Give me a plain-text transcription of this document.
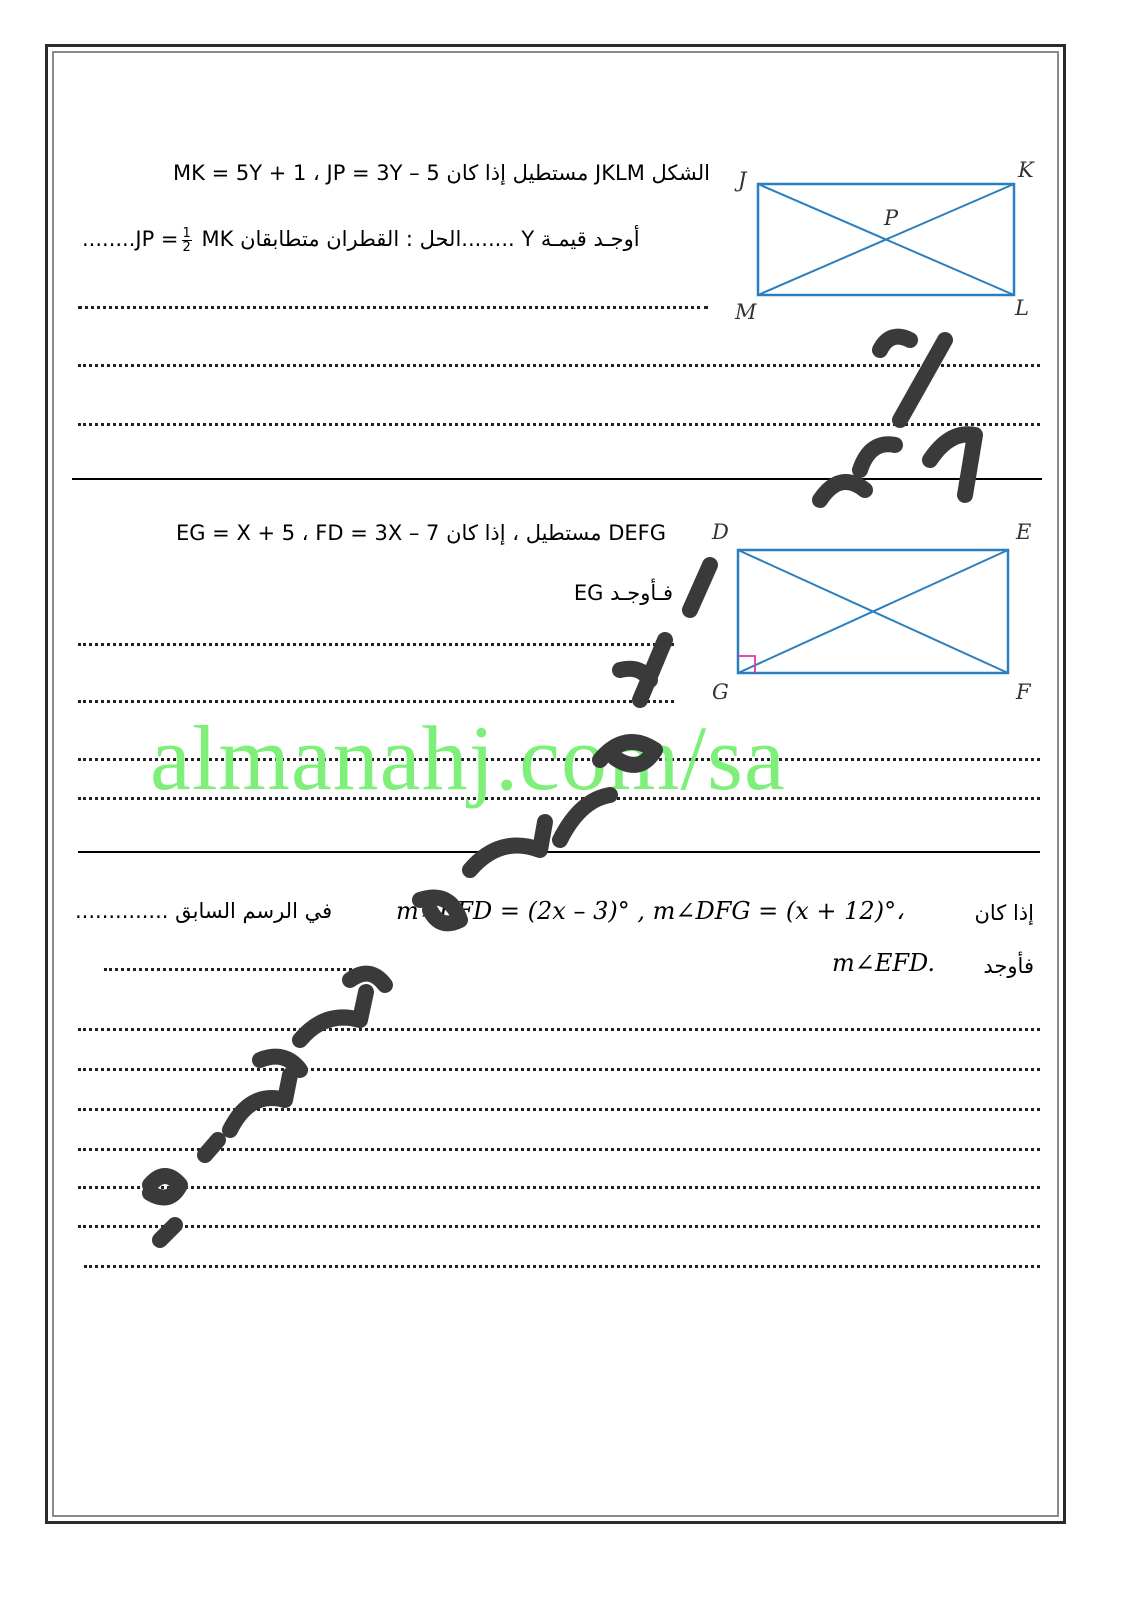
الشكل JKLM مستطيل إذا كان MK = 5Y + 1 ، JP = 3Y – 5
$........JP = \frac{1}{2}$ أوجـد قيمـة Y ........الحل : القطران متطابقان MK
J	K
M	L
P
DEFG مستطيل ، إذا كان EG = X + 5 ، FD = 3X – 7
فـأوجـد EG
D	E
G	F
في الرسم السابق ..............	m∠EFD = (2x – 3)° , m∠DFG = (x + 12)°،	إذا كان
m∠EFD. فأوجد
almanahj.com/sa
